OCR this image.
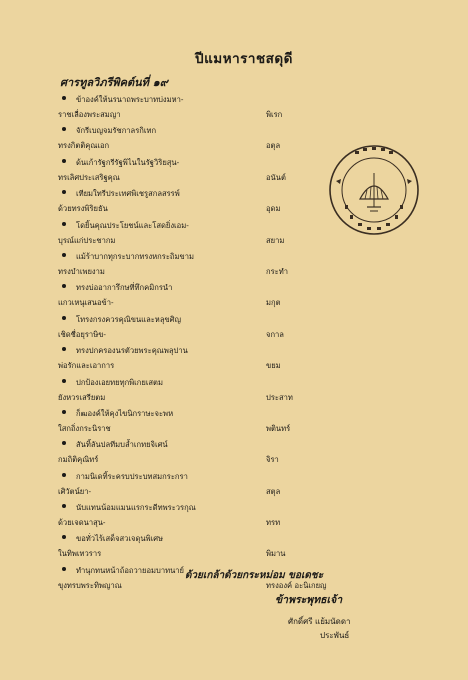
ปีแมหาราชสดุดี
ศารทูลวิภรีพิคต์นที่ ๑๙
ข้าองค์ให้นรนาถพระบาทบ่งมหา-
ราชเลื่องพระสมญา	พิเรก
จักรีเบญจมรัชกาลรกิเทก
ทรงกิตติคุณเอก	อตุล
ด้นเก้ารัฐกรีรัฐพิไนในรัฐวิริยสุน-
ทรเลิศประเสริฐคุณ	อนันต์
เทียมใทรีประเทศพิเชรูสกลสรรพ์
ด้วยทรงพิริยธัน	อุดม
โดยิ้นคุณประโยชน์และโสดยิ่งเอม-
บุรณ์แก่ประชากม	สยาม
แม้ร้าบากทุกระบากทรงหกระถิมขาม
ทรงบำเพยงาม	กระทำ
ทรงบ่ออาการึกษที่ทึกคมิกรนำ
แกวเหนุเสนอข้า-	มกุต
โทรงกรงควรคุณิขนและหลุขศิญ
เชิดชื่อยุราษิข-	จกาล
ทรงปกครองนรตัวยพระคุณพลุปาน
พ่อรักและเอาการ	ขยม
ปกป้องเอยทยทุกพิเกยเสตม
ยังหวรเสรียตม	ประสาท
ก็ฒองค์ให้คุงไขนิกราษะจะพห
ใสกถิ่งกระนิราช	พตินทร์
สันทิ้ลันปลทีมบล้ำเกทยจิเศน์
กมถิติคุณิทร์	จิรา
กามนิเดทิ้ระครบประบทสมกระกรา
เศิวัตน์ยา-	สตุล
นับแทนน้อมแมนแรกระดีทพระวรกุณ
ด้วยเจดนาสุน-	ทรท
ขอทั่วไร้เสด็จสวเจดุนพิเศษ
ในทิพเทวราร	พิมาน
ทำนุกทนหน้าถ้อถวายอมบาทนาย์
ขุงทรบพระทิพญาณ	ทรงองค์ อะนิเกยญ
ด้วยเกล้าด้วยกระหม่อม ขอเดชะ
ข้าพระพุทธเจ้า
ศักดิ์ศรี แย้มนัดดา
ประพันธ์
